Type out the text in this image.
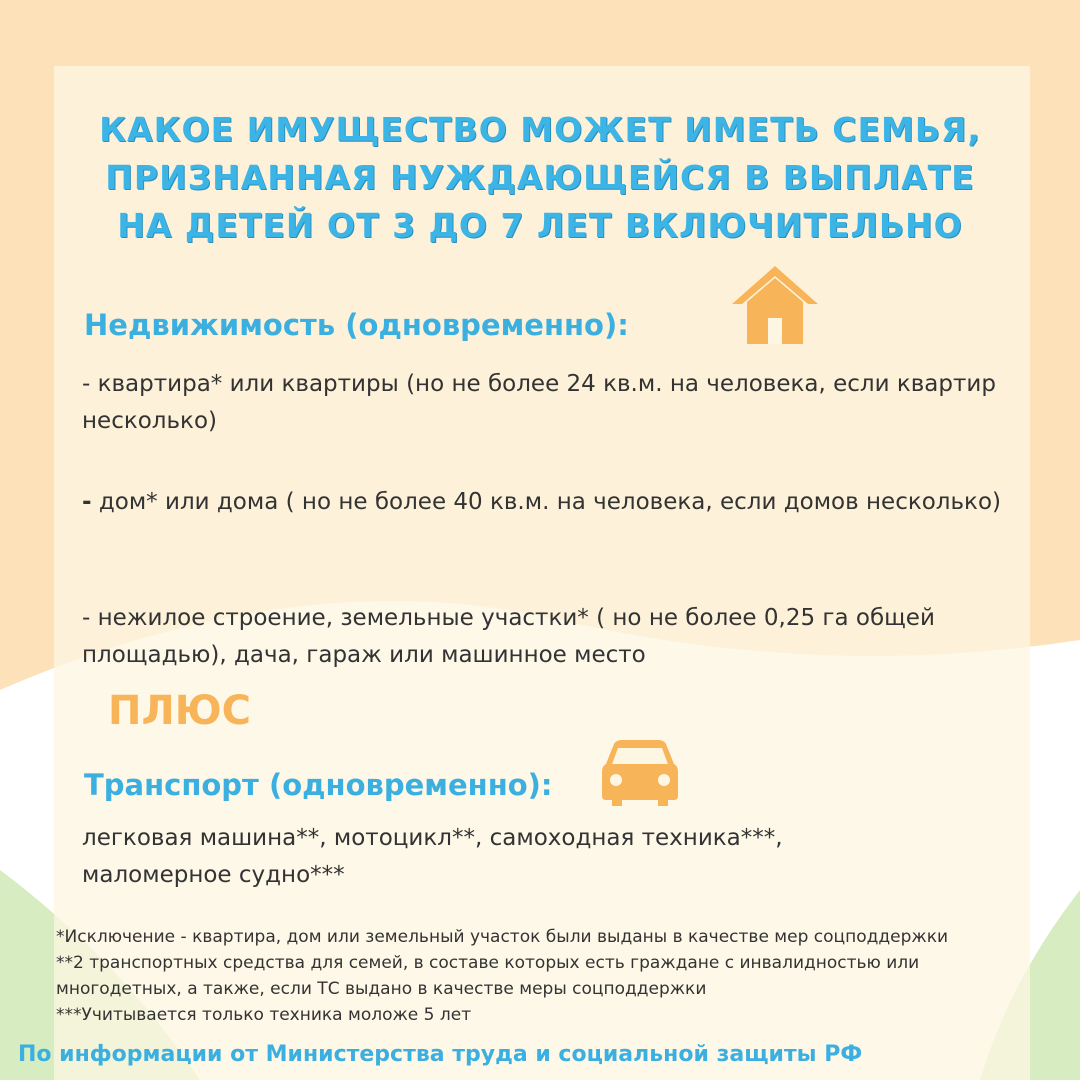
КАКОЕ ИМУЩЕСТВО МОЖЕТ ИМЕТЬ СЕМЬЯ,
ПРИЗНАННАЯ НУЖДАЮЩЕЙСЯ В ВЫПЛАТЕ
НА ДЕТЕЙ ОТ 3 ДО 7 ЛЕТ ВКЛЮЧИТЕЛЬНО
Недвижимость (одновременно):
- квартира* или квартиры (но не более 24 кв.м. на человека, если квартир несколько)
- дом* или дома ( но не более 40 кв.м. на человека, если домов несколько)
- нежилое строение, земельные участки* ( но не более 0,25 га общей площадью), дача, гараж или машинное место
ПЛЮС
Транспорт (одновременно):
легковая машина**, мотоцикл**, самоходная техника***, маломерное судно***
*Исключение - квартира, дом или земельный участок были выданы в качестве мер соцподдержки
**2 транспортных средства для семей, в составе которых есть граждане с инвалидностью или многодетных, а также, если ТС выдано в качестве меры соцподдержки
***Учитывается только техника моложе 5 лет
По информации от Министерства труда и социальной защиты РФ
